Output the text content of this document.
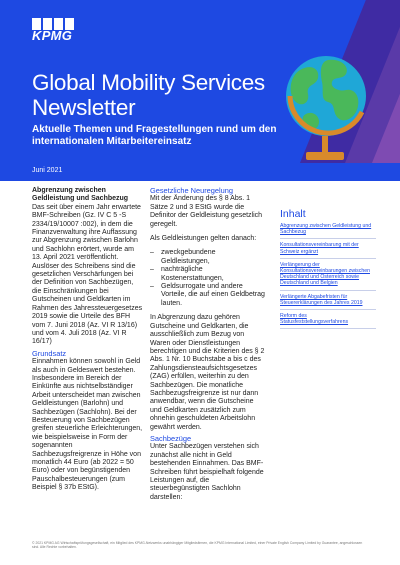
KPMG
Global Mobility Services Newsletter
Aktuelle Themen und Fragestellungen rund um den internationalen Mitarbeitereinsatz
Juni 2021

Abgrenzung zwischen Geldleistung und Sachbezug

Das seit über einem Jahr erwartete BMF-Schreiben (Gz. IV C 5 -S 2334/19/10007 :002), in dem die Finanzverwaltung ihre Auffassung zur Abgrenzung zwischen Barlohn und Sachlohn erörtert, wurde am 13. April 2021 veröffentlicht. Auslöser des Schreibens sind die gesetzlichen Verschärfungen bei der Definition von Sachbezügen, die Einschränkungen bei Gutscheinen und Geldkarten im Rahmen des Jahressteuergesetzes 2019 sowie die Urteile des BFH vom 7. Juni 2018 (Az. VI R 13/16) und vom 4. Juli 2018 (Az. VI R 16/17)

Grundsatz

Einnahmen können sowohl in Geld als auch in Geldeswert bestehen. Insbesondere im Bereich der Einkünfte aus nichtselbständiger Arbeit unterscheidet man zwischen Geldleistungen (Barlohn) und Sachbezügen (Sachlohn). Bei der Besteuerung von Sachbezügen greifen steuerliche Erleichterungen, wie beispielsweise in Form der sogenannten Sachbezugsfreigrenze in Höhe von monatlich 44 Euro (ab 2022 = 50 Euro) oder von begünstigenden Pauschalbesteuerungen (zum Beispiel § 37b EStG).

Gesetzliche Neuregelung

Mit der Änderung des § 8 Abs. 1 Sätze 2 und 3 EStG wurde die Definitor der Geldleistung gesetzlich geregelt.

Als Geldleistungen gelten danach:

–	zweckgebundene Geldleistungen,
–	nachträgliche Kostenerstattungen,
–	Geldsurrogate und andere Vorteile, die auf einen Geldbetrag lauten.

In Abgrenzung dazu gehören Gutscheine und Geldkarten, die ausschließlich zum Bezug von Waren oder Dienstleistungen berechtigen und die Kriterien des § 2 Abs. 1 Nr. 10 Buchstabe a bis c des Zahlungsdiensteaufsichtsgesetzes (ZAG) erfüllen, weiterhin zu den Sachbezügen. Die monatliche Sachbezugsfreigrenze ist nur dann anwendbar, wenn die Gutscheine und Geldkarten zusätzlich zum ohnehin geschuldeten Arbeitslohn gewährt werden.

Sachbezüge

Unter Sachbezügen verstehen sich zunächst alle nicht in Geld bestehenden Einnahmen. Das BMF-Schreiben führt beispielhaft folgende Leistungen auf, die steuerbegünstigten Sachlohn darstellen:

Inhalt
Abgrenzung zwischen Geldleistung und Sachbezug
Konsultationsvereinbarung mit der Schweiz ergänzt
Verlängerung der Konsultationsvereinbarungen zwischen Deutschland und Österreich sowie Deutschland und Belgien
Verlängerte Abgabefristen für Steuererklärungen des Jahres 2019
Reform des Statusfeststellungsverfahrens
© 2021 KPMG AG Wirtschaftsprüfungsgesellschaft, ein Mitglied des KPMG-Netzwerks unabhängiger Mitgliedsfirmen, die KPMG International Limited, einer Private English Company Limited by Guarantee, angeschlossen sind. Alle Rechte vorbehalten.
